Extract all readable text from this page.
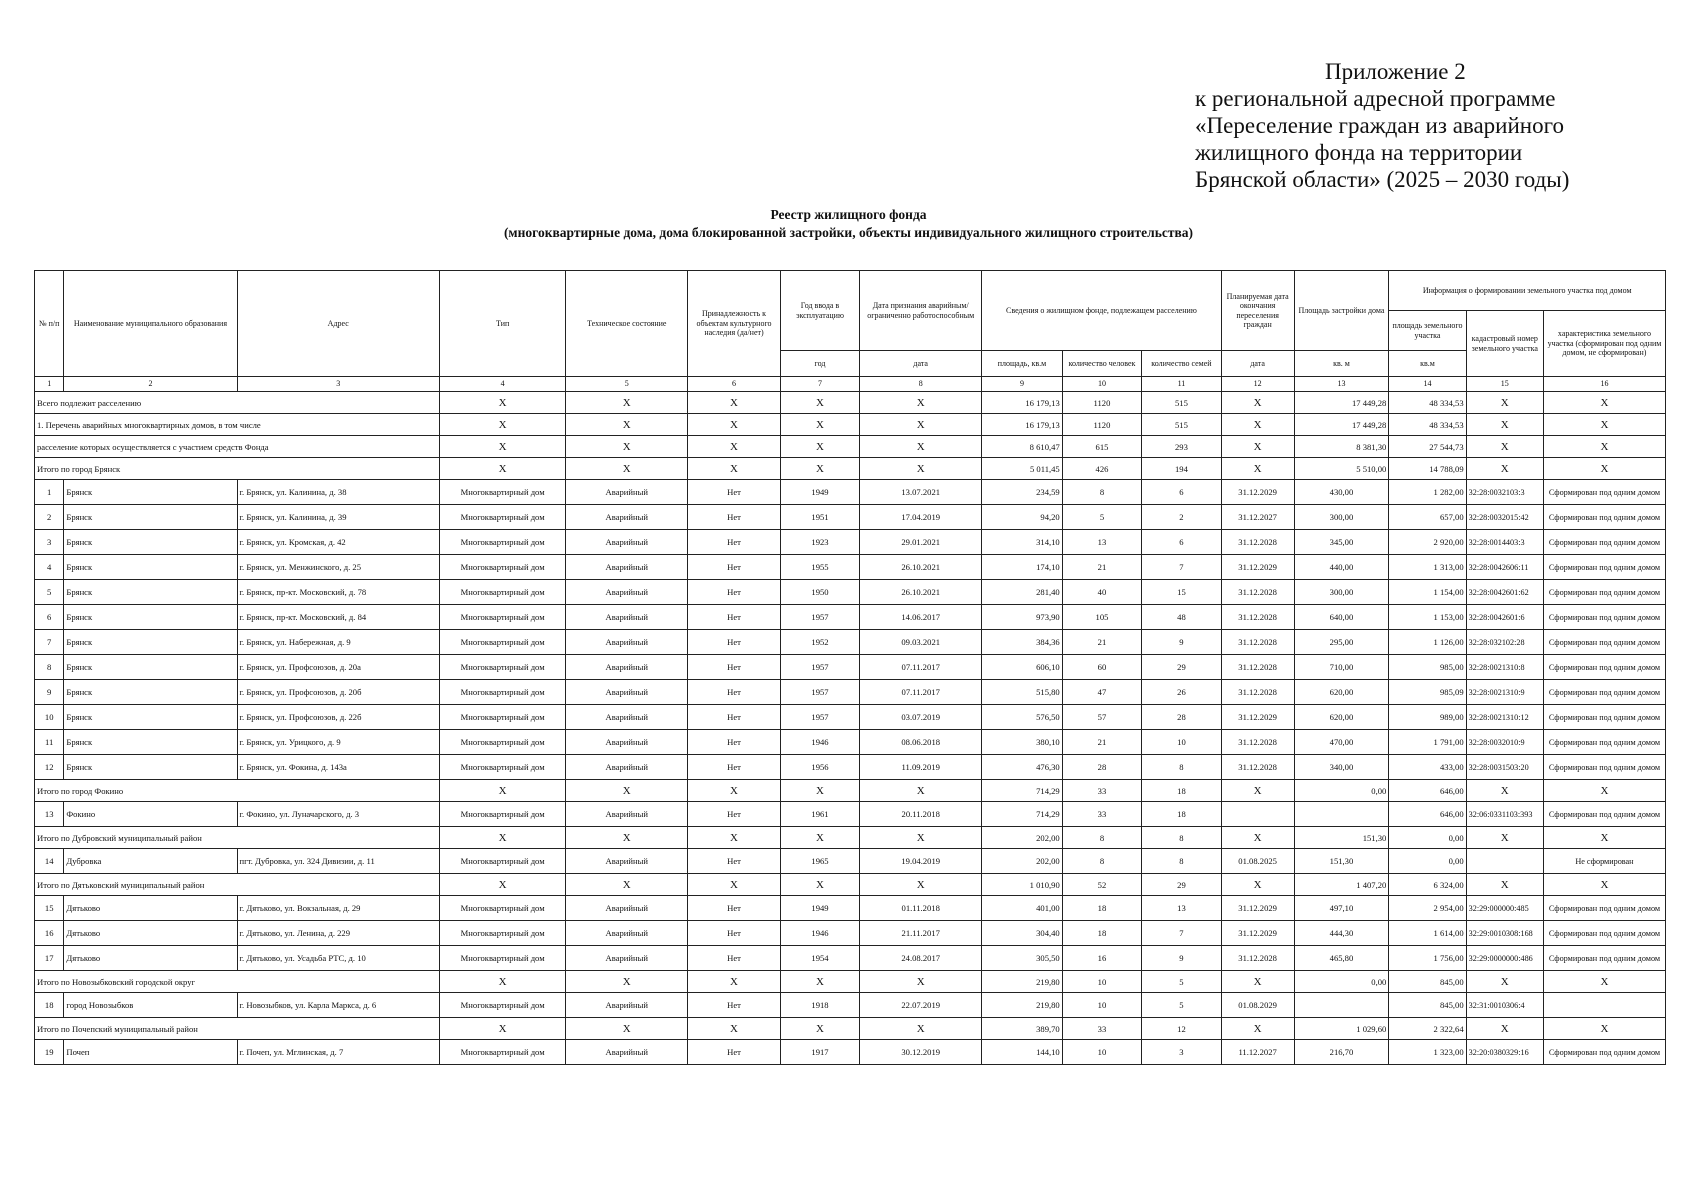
Приложение 2
к региональной адресной программе
«Переселение граждан из аварийного
жилищного фонда на территории
Брянской области» (2025 – 2030 годы)
Реестр жилищного фонда
(многоквартирные дома, дома блокированной застройки, объекты индивидуального жилищного строительства)
№ п/п	Наименование муниципального образования	Адрес	Тип	Техническое состояние	Принадлежность к объектам культурного наследия (да/нет)	Год ввода в эксплуатацию	Дата признания аварийным/ограниченно работоспособным	Сведения о жилищном фонде, подлежащем расселению			Планируемая дата окончания переселения граждан	Площадь застройки дома	Информация о формировании земельного участка под домом		
													площадь земельного участка	кадастровый номер земельного участка	характеристика земельного участка (сформирован под одним домом, не сформирован)
						год	дата	площадь, кв.м	количество человек	количество семей	дата	кв. м	кв.м		
1	2	3	4	5	6	7	8	9	10	11	12	13	14	15	16
Всего подлежит расселению			X	X	X	X	X	16 179,13	1120	515	X	17 449,28	48 334,53	X	X
1. Перечень аварийных многоквартирных домов, в том числе			X	X	X	X	X	16 179,13	1120	515	X	17 449,28	48 334,53	X	X
расселение которых осуществляется с участием средств Фонда			X	X	X	X	X	8 610,47	615	293	X	8 381,30	27 544,73	X	X
Итого по город Брянск			X	X	X	X	X	5 011,45	426	194	X	5 510,00	14 788,09	X	X
1	Брянск	г. Брянск, ул. Калинина, д. 38	Многоквартирный дом	Аварийный	Нет	1949	13.07.2021	234,59	8	6	31.12.2029	430,00	1 282,00	32:28:0032103:3	Сформирован под одним домом
2	Брянск	г. Брянск, ул. Калинина, д. 39	Многоквартирный дом	Аварийный	Нет	1951	17.04.2019	94,20	5	2	31.12.2027	300,00	657,00	32:28:0032015:42	Сформирован под одним домом
3	Брянск	г. Брянск, ул. Кромская, д. 42	Многоквартирный дом	Аварийный	Нет	1923	29.01.2021	314,10	13	6	31.12.2028	345,00	2 920,00	32:28:0014403:3	Сформирован под одним домом
4	Брянск	г. Брянск, ул. Менжинского, д. 25	Многоквартирный дом	Аварийный	Нет	1955	26.10.2021	174,10	21	7	31.12.2029	440,00	1 313,00	32:28:0042606:11	Сформирован под одним домом
5	Брянск	г. Брянск, пр-кт. Московский, д. 78	Многоквартирный дом	Аварийный	Нет	1950	26.10.2021	281,40	40	15	31.12.2028	300,00	1 154,00	32:28:0042601:62	Сформирован под одним домом
6	Брянск	г. Брянск, пр-кт. Московский, д. 84	Многоквартирный дом	Аварийный	Нет	1957	14.06.2017	973,90	105	48	31.12.2028	640,00	1 153,00	32:28:0042601:6	Сформирован под одним домом
7	Брянск	г. Брянск, ул. Набережная, д. 9	Многоквартирный дом	Аварийный	Нет	1952	09.03.2021	384,36	21	9	31.12.2028	295,00	1 126,00	32:28:032102:28	Сформирован под одним домом
8	Брянск	г. Брянск, ул. Профсоюзов, д. 20а	Многоквартирный дом	Аварийный	Нет	1957	07.11.2017	606,10	60	29	31.12.2028	710,00	985,00	32:28:0021310:8	Сформирован под одним домом
9	Брянск	г. Брянск, ул. Профсоюзов, д. 20б	Многоквартирный дом	Аварийный	Нет	1957	07.11.2017	515,80	47	26	31.12.2028	620,00	985,09	32:28:0021310:9	Сформирован под одним домом
10	Брянск	г. Брянск, ул. Профсоюзов, д. 22б	Многоквартирный дом	Аварийный	Нет	1957	03.07.2019	576,50	57	28	31.12.2029	620,00	989,00	32:28:0021310:12	Сформирован под одним домом
11	Брянск	г. Брянск, ул. Урицкого, д. 9	Многоквартирный дом	Аварийный	Нет	1946	08.06.2018	380,10	21	10	31.12.2028	470,00	1 791,00	32:28:0032010:9	Сформирован под одним домом
12	Брянск	г. Брянск, ул. Фокина, д. 143а	Многоквартирный дом	Аварийный	Нет	1956	11.09.2019	476,30	28	8	31.12.2028	340,00	433,00	32:28:0031503:20	Сформирован под одним домом
Итого по город Фокино			X	X	X	X	X	714,29	33	18	X	0,00	646,00	X	X
13	Фокино	г. Фокино, ул. Луначарского, д. 3	Многоквартирный дом	Аварийный	Нет	1961	20.11.2018	714,29	33	18			646,00	32:06:0331103:393	Сформирован под одним домом
Итого по Дубровский муниципальный район			X	X	X	X	X	202,00	8	8	X	151,30	0,00	X	X
14	Дубровка	пгт. Дубровка, ул. 324 Дивизии, д. 11	Многоквартирный дом	Аварийный	Нет	1965	19.04.2019	202,00	8	8	01.08.2025	151,30	0,00		Не сформирован
Итого по Дятьковский муниципальный район			X	X	X	X	X	1 010,90	52	29	X	1 407,20	6 324,00	X	X
15	Дятьково	г. Дятьково, ул. Вокзальная, д. 29	Многоквартирный дом	Аварийный	Нет	1949	01.11.2018	401,00	18	13	31.12.2029	497,10	2 954,00	32:29:000000:485	Сформирован под одним домом
16	Дятьково	г. Дятьково, ул. Ленина, д. 229	Многоквартирный дом	Аварийный	Нет	1946	21.11.2017	304,40	18	7	31.12.2029	444,30	1 614,00	32:29:0010308:168	Сформирован под одним домом
17	Дятьково	г. Дятьково, ул. Усадьба РТС, д. 10	Многоквартирный дом	Аварийный	Нет	1954	24.08.2017	305,50	16	9	31.12.2028	465,80	1 756,00	32:29:0000000:486	Сформирован под одним домом
Итого по Новозыбковский городской округ			X	X	X	X	X	219,80	10	5	X	0,00	845,00	X	X
18	город Новозыбков	г. Новозыбков, ул. Карла Маркса, д. 6	Многоквартирный дом	Аварийный	Нет	1918	22.07.2019	219,80	10	5	01.08.2029		845,00	32:31:0010306:4	
Итого по Почепский муниципальный район			X	X	X	X	X	389,70	33	12	X	1 029,60	2 322,64	X	X
19	Почеп	г. Почеп, ул. Мглинская, д. 7	Многоквартирный дом	Аварийный	Нет	1917	30.12.2019	144,10	10	3	11.12.2027	216,70	1 323,00	32:20:0380329:16	Сформирован под одним домом
